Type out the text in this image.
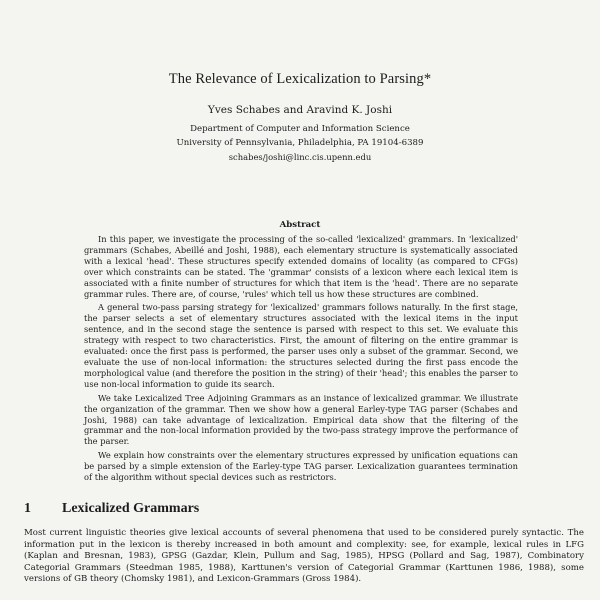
The Relevance of Lexicalization to Parsing*
Yves Schabes and Aravind K. Joshi
Department of Computer and Information Science
University of Pennsylvania, Philadelphia, PA 19104-6389
schabes/joshi@linc.cis.upenn.edu
Abstract

In this paper, we investigate the processing of the so-called 'lexicalized' grammars. In 'lexicalized' grammars (Schabes, Abeillé and Joshi, 1988), each elementary structure is systematically associated with a lexical 'head'. These structures specify extended domains of locality (as compared to CFGs) over which constraints can be stated. The 'grammar' consists of a lexicon where each lexical item is associated with a finite number of structures for which that item is the 'head'. There are no separate grammar rules. There are, of course, 'rules' which tell us how these structures are combined.

A general two-pass parsing strategy for 'lexicalized' grammars follows naturally. In the first stage, the parser selects a set of elementary structures associated with the lexical items in the input sentence, and in the second stage the sentence is parsed with respect to this set. We evaluate this strategy with respect to two characteristics. First, the amount of filtering on the entire grammar is evaluated: once the first pass is performed, the parser uses only a subset of the grammar. Second, we evaluate the use of non-local information: the structures selected during the first pass encode the morphological value (and therefore the position in the string) of their 'head'; this enables the parser to use non-local information to guide its search.

We take Lexicalized Tree Adjoining Grammars as an instance of lexicalized grammar. We illustrate the organization of the grammar. Then we show how a general Earley-type TAG parser (Schabes and Joshi, 1988) can take advantage of lexicalization. Empirical data show that the filtering of the grammar and the non-local information provided by the two-pass strategy improve the performance of the parser.

We explain how constraints over the elementary structures expressed by unification equations can be parsed by a simple extension of the Earley-type TAG parser. Lexicalization guarantees termination of the algorithm without special devices such as restrictors.

1 Lexicalized Grammars

Most current linguistic theories give lexical accounts of several phenomena that used to be considered purely syntactic. The information put in the lexicon is thereby increased in both amount and complexity: see, for example, lexical rules in LFG (Kaplan and Bresnan, 1983), GPSG (Gazdar, Klein, Pullum and Sag, 1985), HPSG (Pollard and Sag, 1987), Combinatory Categorial Grammars (Steedman 1985, 1988), Karttunen's version of Categorial Grammar (Karttunen 1986, 1988), some versions of GB theory (Chomsky 1981), and Lexicon-Grammars (Gross 1984).
